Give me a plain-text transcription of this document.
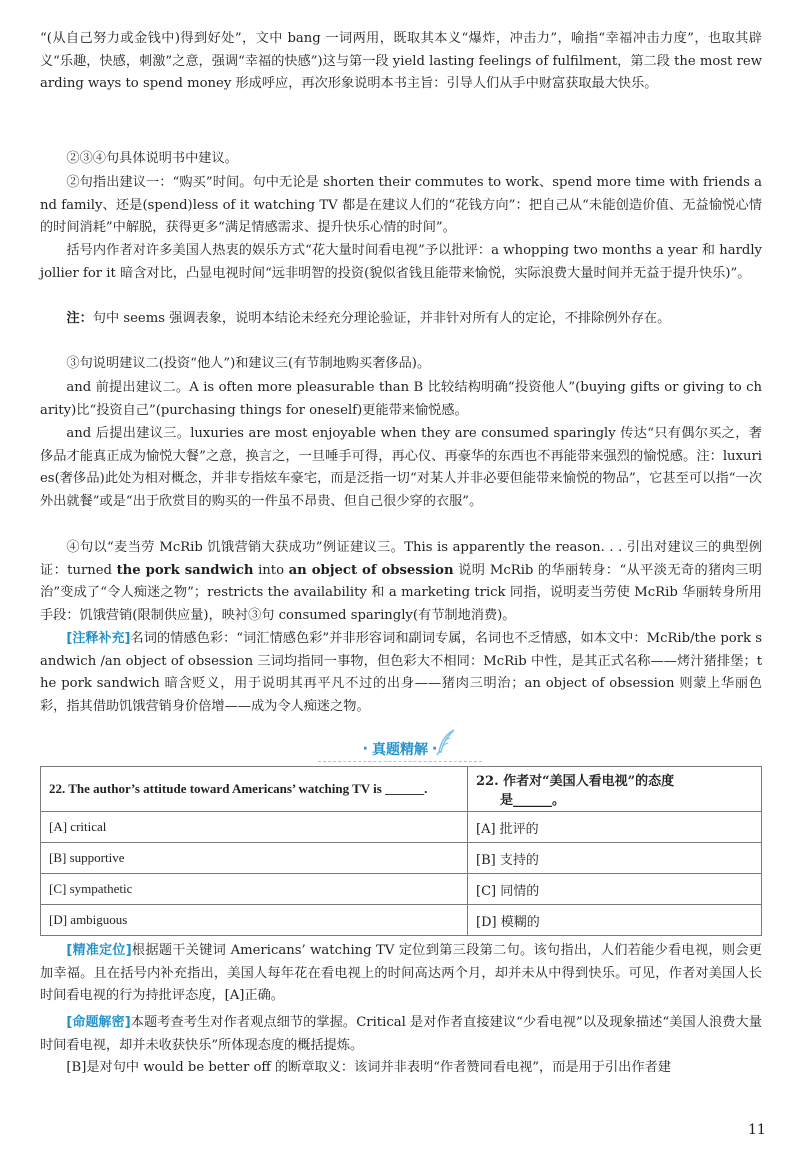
“(从自己努力或金钱中)得到好处”，文中 bang 一词两用，既取其本义“爆炸，冲击力”，喻指“幸福冲击力度”，也取其辟义“乐趣，快感，刺激”之意，强调“幸福的快感”)这与第一段 yield lasting feelings of fulfilment，第二段 the most rewarding ways to spend money 形成呼应，再次形象说明本书主旨：引导人们从手中财富获取最大快乐。

②③④句具体说明书中建议。

②句指出建议一：“购买”时间。句中无论是 shorten their commutes to work、spend more time with friends and family、还是(spend)less of it watching TV 都是在建议人们的“花钱方向”：把自己从“未能创造价值、无益愉悦心情的时间消耗”中解脱，获得更多“满足情感需求、提升快乐心情的时间”。

括号内作者对许多美国人热衷的娱乐方式“花大量时间看电视”予以批评：a whopping two months a year 和 hardly jollier for it 暗含对比，凸显电视时间“远非明智的投资(貌似省钱且能带来愉悦，实际浪费大量时间并无益于提升快乐)”。

注：句中 seems 强调表象，说明本结论未经充分理论验证，并非针对所有人的定论，不排除例外存在。

③句说明建议二(投资“他人”)和建议三(有节制地购买奢侈品)。

and 前提出建议二。A is often more pleasurable than B 比较结构明确“投资他人”(buying gifts or giving to charity)比“投资自己”(purchasing things for oneself)更能带来愉悦感。

and 后提出建议三。luxuries are most enjoyable when they are consumed sparingly 传达“只有偶尔买之，奢侈品才能真正成为愉悦大餐”之意，换言之，一旦唾手可得，再心仪、再豪华的东西也不再能带来强烈的愉悦感。注：luxuries(奢侈品)此处为相对概念，并非专指炫车豪宅，而是泛指一切“对某人并非必要但能带来愉悦的物品”，它甚至可以指“一次外出就餐”或是“出于欣赏目的购买的一件虽不昂贵、但自己很少穿的衣服”。

④句以“麦当劳 McRib 饥饿营销大获成功”例证建议三。This is apparently the reason. . . 引出对建议三的典型例证：turned the pork sandwich into an object of obsession 说明 McRib 的华丽转身：“从平淡无奇的猪肉三明治”变成了“令人痴迷之物”；restricts the availability 和 a marketing trick 同指，说明麦当劳使 McRib 华丽转身所用手段：饥饿营销(限制供应量)，映衬③句 consumed sparingly(有节制地消费)。

[注释补充]名词的情感色彩：“词汇情感色彩”并非形容词和副词专属，名词也不乏情感，如本文中：McRib/the pork sandwich /an object of obsession 三词均指同一事物，但色彩大不相同：McRib 中性，是其正式名称——烤汁猪排堡；the pork sandwich 暗含贬义，用于说明其再平凡不过的出身——猪肉三明治；an object of obsession 则蒙上华丽色彩，指其借助饥饿营销身价倍增——成为令人痴迷之物。

· 真题精解 ·
22. The author’s attitude toward Americans’ watching TV is ______.	22. 作者对“美国人看电视”的态度
是______。

[A] critical	[A] 批评的
[B] supportive	[B] 支持的
[C] sympathetic	[C] 同情的
[D] ambiguous	[D] 模糊的

[精准定位]根据题干关键词 Americans’ watching TV 定位到第三段第二句。该句指出，人们若能少看电视，则会更加幸福。且在括号内补充指出，美国人每年花在看电视上的时间高达两个月，却并未从中得到快乐。可见，作者对美国人长时间看电视的行为持批评态度，[A]正确。

[命题解密]本题考查考生对作者观点细节的掌握。Critical 是对作者直接建议“少看电视”以及现象描述“美国人浪费大量时间看电视，却并未收获快乐”所体现态度的概括提炼。

[B]是对句中 would be better off 的断章取义：该词并非表明“作者赞同看电视”，而是用于引出作者建

11
